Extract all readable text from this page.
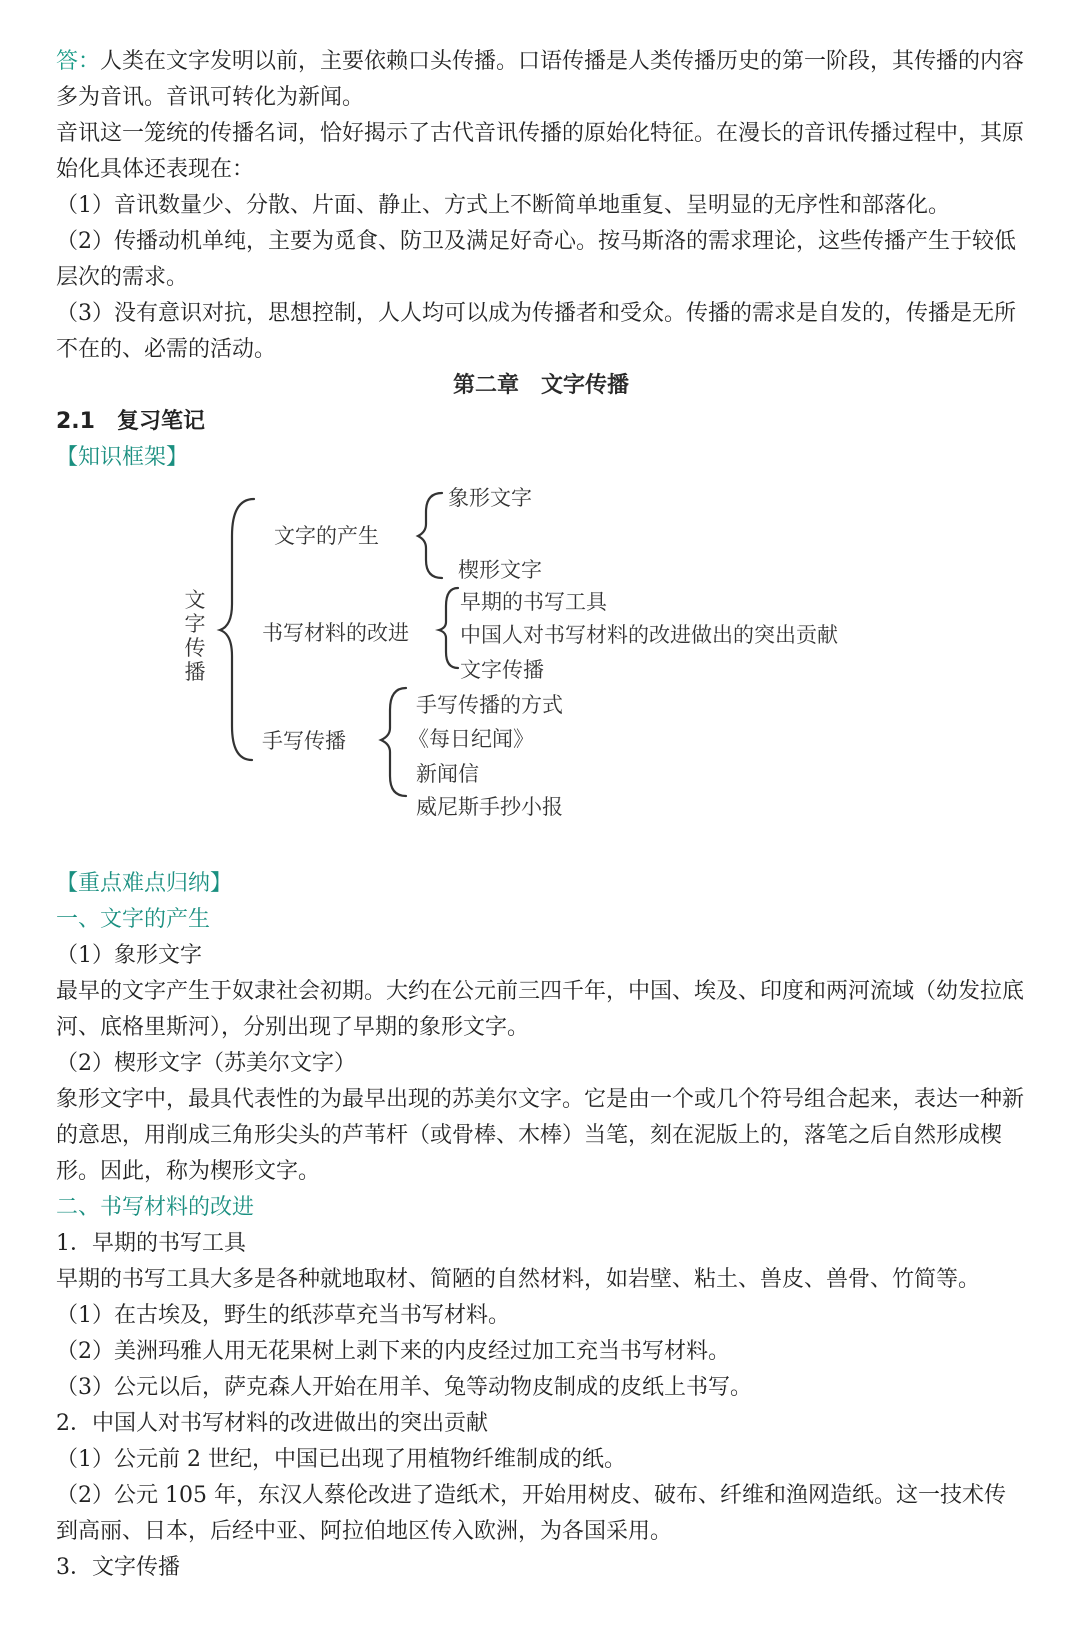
答：人类在文字发明以前，主要依赖口头传播。口语传播是人类传播历史的第一阶段，其传播的内容多为音讯。音讯可转化为新闻。

音讯这一笼统的传播名词，恰好揭示了古代音讯传播的原始化特征。在漫长的音讯传播过程中，其原始化具体还表现在：

（1）音讯数量少、分散、片面、静止、方式上不断简单地重复、呈明显的无序性和部落化。

（2）传播动机单纯，主要为觅食、防卫及满足好奇心。按马斯洛的需求理论，这些传播产生于较低层次的需求。

（3）没有意识对抗，思想控制，人人均可以成为传播者和受众。传播的需求是自发的，传播是无所不在的、必需的活动。

第二章　文字传播

2.1　复习笔记

【知识框架】

文
字
传
播
文字的产生
象形文字
楔形文字
书写材料的改进
早期的书写工具
中国人对书写材料的改进做出的突出贡献
文字传播
手写传播
手写传播的方式
《每日纪闻》
新闻信
威尼斯手抄小报

【重点难点归纳】

一、文字的产生

（1）象形文字

最早的文字产生于奴隶社会初期。大约在公元前三四千年，中国、埃及、印度和两河流域（幼发拉底河、底格里斯河），分别出现了早期的象形文字。

（2）楔形文字（苏美尔文字）

象形文字中，最具代表性的为最早出现的苏美尔文字。它是由一个或几个符号组合起来，表达一种新的意思，用削成三角形尖头的芦苇杆（或骨棒、木棒）当笔，刻在泥版上的，落笔之后自然形成楔形。因此，称为楔形文字。

二、书写材料的改进

1．早期的书写工具

早期的书写工具大多是各种就地取材、简陋的自然材料，如岩壁、粘土、兽皮、兽骨、竹简等。

（1）在古埃及，野生的纸莎草充当书写材料。

（2）美洲玛雅人用无花果树上剥下来的内皮经过加工充当书写材料。

（3）公元以后，萨克森人开始在用羊、兔等动物皮制成的皮纸上书写。

2．中国人对书写材料的改进做出的突出贡献

（1）公元前 2 世纪，中国已出现了用植物纤维制成的纸。

（2）公元 105 年，东汉人蔡伦改进了造纸术，开始用树皮、破布、纤维和渔网造纸。这一技术传到高丽、日本，后经中亚、阿拉伯地区传入欧洲，为各国采用。

3．文字传播
